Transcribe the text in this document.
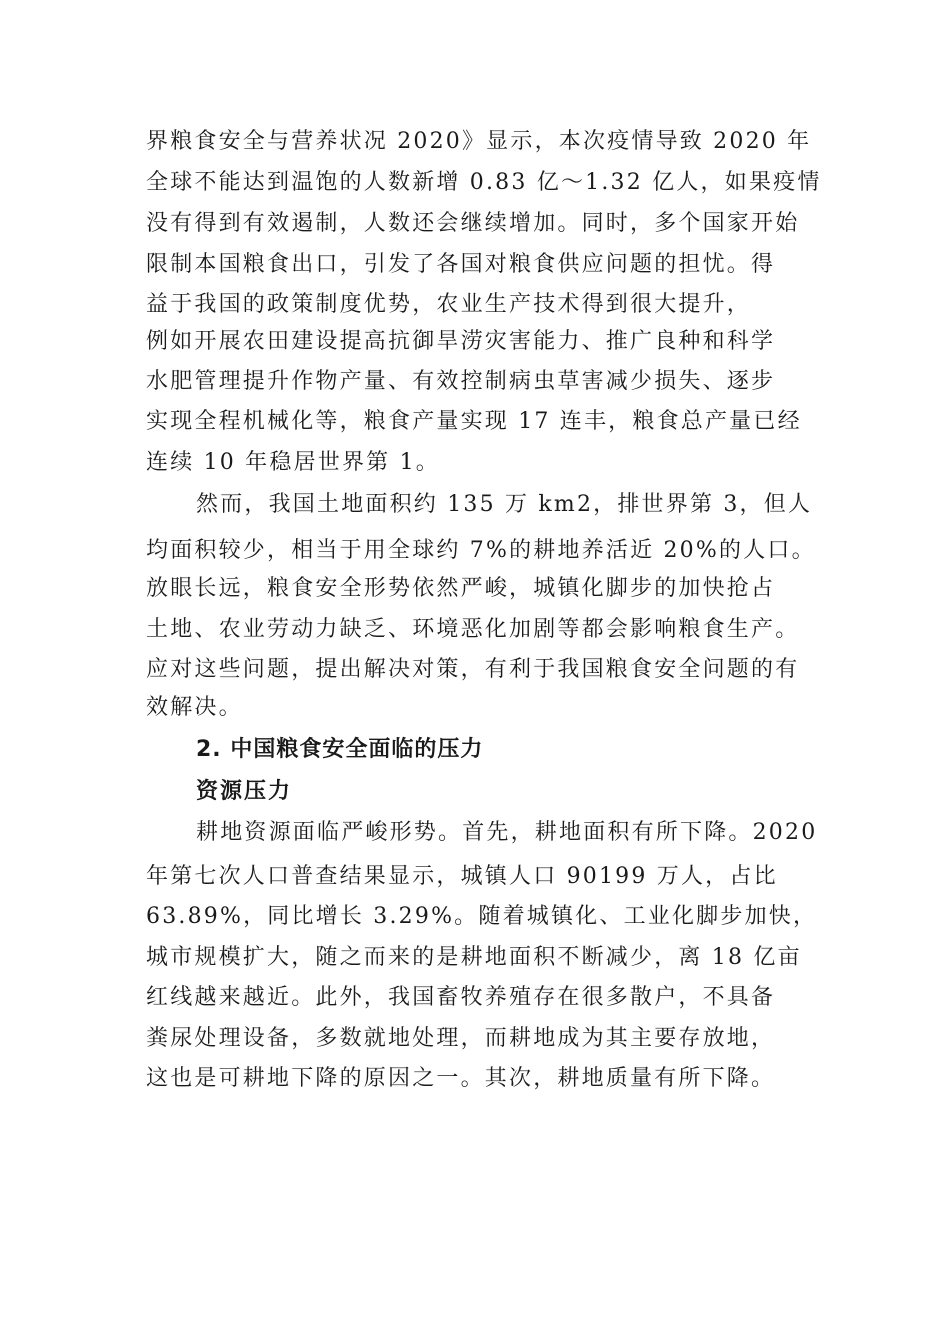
界粮食安全与营养状况 2020》显示，本次疫情导致 2020 年
全球不能达到温饱的人数新增 0.83 亿～1.32 亿人，如果疫情
没有得到有效遏制，人数还会继续增加。同时，多个国家开始
限制本国粮食出口，引发了各国对粮食供应问题的担忧。得
益于我国的政策制度优势，农业生产技术得到很大提升，
例如开展农田建设提高抗御旱涝灾害能力、推广良种和科学
水肥管理提升作物产量、有效控制病虫草害减少损失、逐步
实现全程机械化等，粮食产量实现 17 连丰，粮食总产量已经
连续 10 年稳居世界第 1。
然而，我国土地面积约 135 万 km2，排世界第 3，但人
均面积较少，相当于用全球约 7%的耕地养活近 20%的人口。
放眼长远，粮食安全形势依然严峻，城镇化脚步的加快抢占
土地、农业劳动力缺乏、环境恶化加剧等都会影响粮食生产。
应对这些问题，提出解决对策，有利于我国粮食安全问题的有
效解决。
2. 中国粮食安全面临的压力
资源压力
耕地资源面临严峻形势。首先，耕地面积有所下降。2020
年第七次人口普查结果显示，城镇人口 90199 万人，占比
63.89%，同比增长 3.29%。随着城镇化、工业化脚步加快，
城市规模扩大，随之而来的是耕地面积不断减少，离 18 亿亩
红线越来越近。此外，我国畜牧养殖存在很多散户，不具备
粪尿处理设备，多数就地处理，而耕地成为其主要存放地，
这也是可耕地下降的原因之一。其次，耕地质量有所下降。
